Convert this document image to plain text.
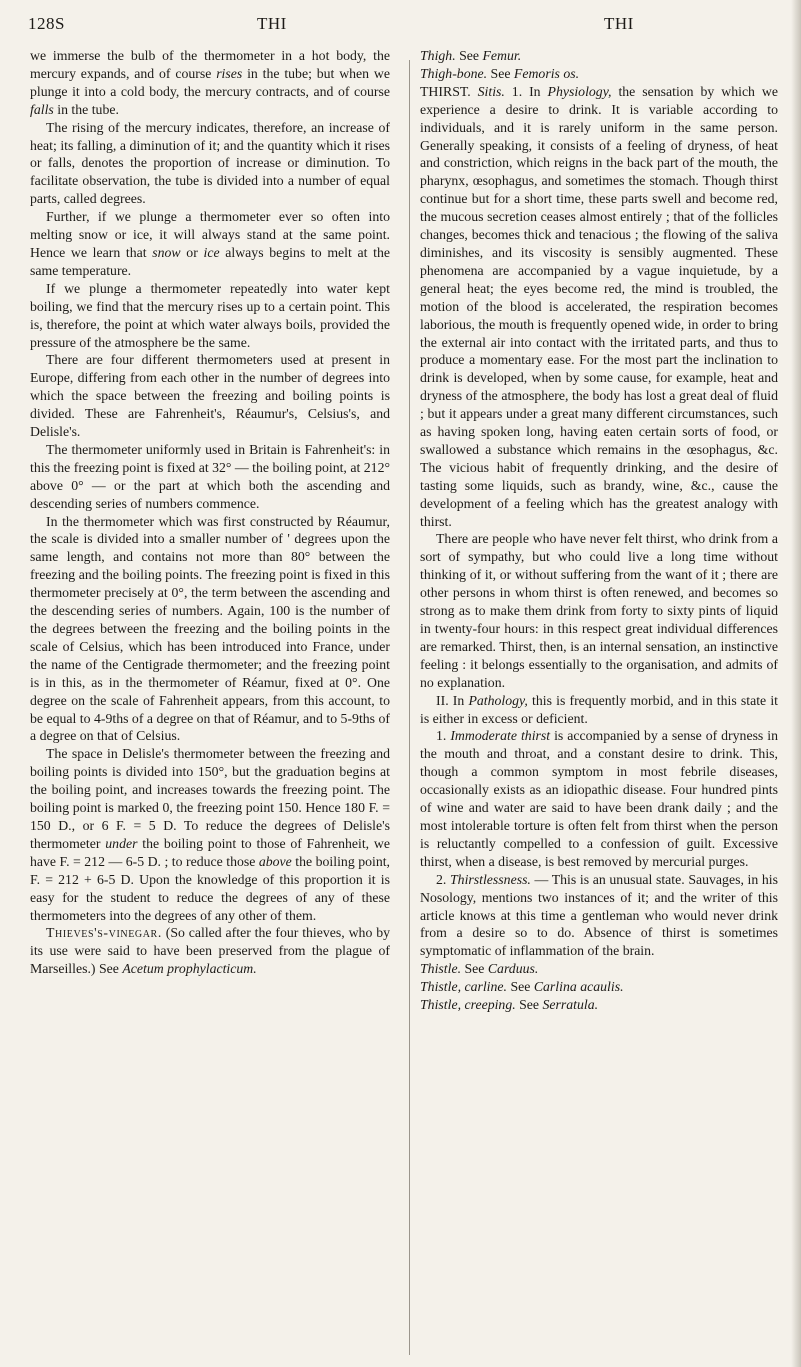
128S	THI	THI

we immerse the bulb of the thermometer in a hot body, the mercury expands, and of course rises in the tube; but when we plunge it into a cold body, the mercury contracts, and of course falls in the tube.

The rising of the mercury indicates, therefore, an increase of heat; its falling, a diminution of it; and the quantity which it rises or falls, denotes the proportion of increase or diminution. To facilitate observation, the tube is divided into a number of equal parts, called degrees.

Further, if we plunge a thermometer ever so often into melting snow or ice, it will always stand at the same point. Hence we learn that snow or ice always begins to melt at the same temperature.

If we plunge a thermometer repeatedly into water kept boiling, we find that the mercury rises up to a certain point. This is, therefore, the point at which water always boils, provided the pressure of the atmosphere be the same.

There are four different thermometers used at present in Europe, differing from each other in the number of degrees into which the space between the freezing and boiling points is divided. These are Fahrenheit's, Réaumur's, Celsius's, and Delisle's.

The thermometer uniformly used in Britain is Fahrenheit's: in this the freezing point is fixed at 32° — the boiling point, at 212° above 0° — or the part at which both the ascending and descending series of numbers commence.

In the thermometer which was first constructed by Réaumur, the scale is divided into a smaller number of ' degrees upon the same length, and contains not more than 80° between the freezing and the boiling points. The freezing point is fixed in this thermometer precisely at 0°, the term between the ascending and the descending series of numbers. Again, 100 is the number of the degrees between the freezing and the boiling points in the scale of Celsius, which has been introduced into France, under the name of the Centigrade thermometer; and the freezing point is in this, as in the thermometer of Réamur, fixed at 0°. One degree on the scale of Fahrenheit appears, from this account, to be equal to 4-9ths of a degree on that of Réamur, and to 5-9ths of a degree on that of Celsius.

The space in Delisle's thermometer between the freezing and boiling points is divided into 150°, but the graduation begins at the boiling point, and increases towards the freezing point. The boiling point is marked 0, the freezing point 150. Hence 180 F. = 150 D., or 6 F. = 5 D. To reduce the degrees of Delisle's thermometer under the boiling point to those of Fahrenheit, we have F. = 212 — 6-5 D. ; to reduce those above the boiling point, F. = 212 + 6-5 D. Upon the knowledge of this proportion it is easy for the student to reduce the degrees of any of these thermometers into the degrees of any other of them.

Thieves's-vinegar. (So called after the four thieves, who by its use were said to have been preserved from the plague of Marseilles.) See Acetum prophylacticum.

Thigh. See Femur.

Thigh-bone. See Femoris os.

THIRST. Sitis. 1. In Physiology, the sensation by which we experience a desire to drink. It is variable according to individuals, and it is rarely uniform in the same person. Generally speaking, it consists of a feeling of dryness, of heat and constriction, which reigns in the back part of the mouth, the pharynx, œsophagus, and sometimes the stomach. Though thirst continue but for a short time, these parts swell and become red, the mucous secretion ceases almost entirely ; that of the follicles changes, becomes thick and tenacious ; the flowing of the saliva diminishes, and its viscosity is sensibly augmented. These phenomena are accompanied by a vague inquietude, by a general heat; the eyes become red, the mind is troubled, the motion of the blood is accelerated, the respiration becomes laborious, the mouth is frequently opened wide, in order to bring the external air into contact with the irritated parts, and thus to produce a momentary ease. For the most part the inclination to drink is developed, when by some cause, for example, heat and dryness of the atmosphere, the body has lost a great deal of fluid ; but it appears under a great many different circumstances, such as having spoken long, having eaten certain sorts of food, or swallowed a substance which remains in the œsophagus, &c. The vicious habit of frequently drinking, and the desire of tasting some liquids, such as brandy, wine, &c., cause the development of a feeling which has the greatest analogy with thirst.

There are people who have never felt thirst, who drink from a sort of sympathy, but who could live a long time without thinking of it, or without suffering from the want of it ; there are other persons in whom thirst is often renewed, and becomes so strong as to make them drink from forty to sixty pints of liquid in twenty-four hours: in this respect great individual differences are remarked. Thirst, then, is an internal sensation, an instinctive feeling : it belongs essentially to the organisation, and admits of no explanation.

II. In Pathology, this is frequently morbid, and in this state it is either in excess or deficient.

1. Immoderate thirst is accompanied by a sense of dryness in the mouth and throat, and a constant desire to drink. This, though a common symptom in most febrile diseases, occasionally exists as an idiopathic disease. Four hundred pints of wine and water are said to have been drank daily ; and the most intolerable torture is often felt from thirst when the person is reluctantly compelled to a confession of guilt. Excessive thirst, when a disease, is best removed by mercurial purges.

2. Thirstlessness. — This is an unusual state. Sauvages, in his Nosology, mentions two instances of it; and the writer of this article knows at this time a gentleman who would never drink from a desire so to do. Absence of thirst is sometimes symptomatic of inflammation of the brain.

Thistle. See Carduus.

Thistle, carline. See Carlina acaulis.

Thistle, creeping. See Serratula.
